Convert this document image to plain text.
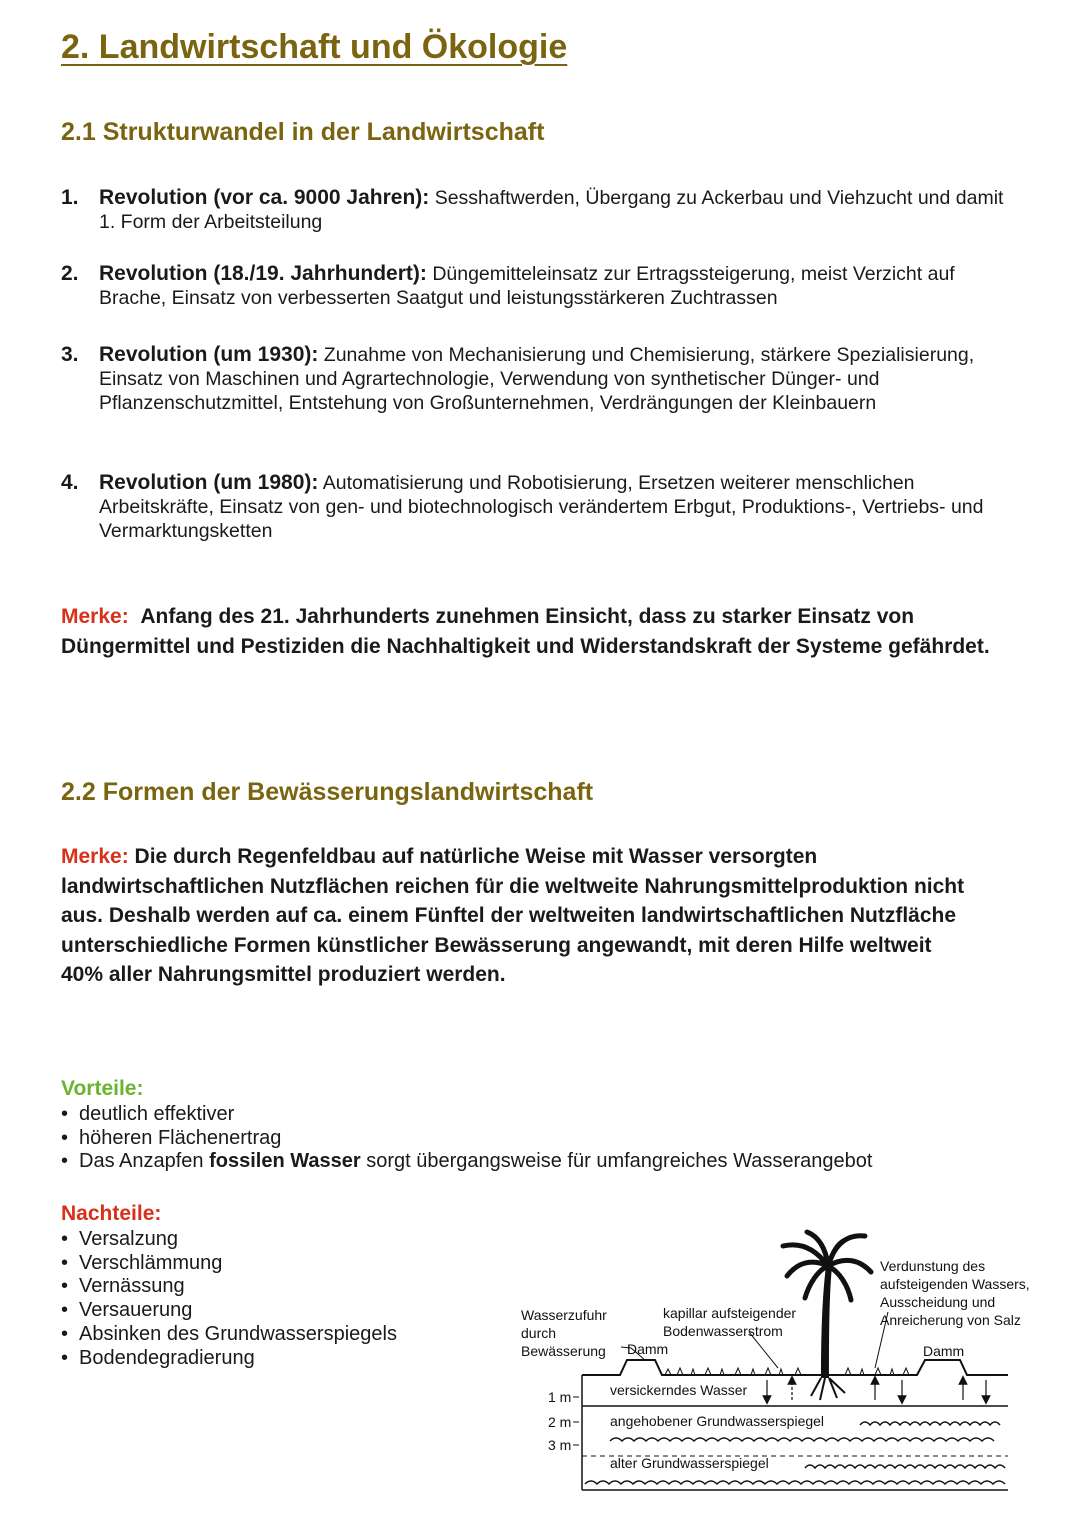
2. Landwirtschaft und Ökologie
2.1 Strukturwandel in der Landwirtschaft
1. Revolution (vor ca. 9000 Jahren): Sesshaftwerden, Übergang zu Ackerbau und Viehzucht und damit 1. Form der Arbeitsteilung
2. Revolution (18./19. Jahrhundert): Düngemitteleinsatz zur Ertragssteigerung, meist Verzicht auf Brache, Einsatz von verbesserten Saatgut und leistungsstärkeren Zuchtrassen
3. Revolution (um 1930): Zunahme von Mechanisierung und Chemisierung, stärkere Spezialisierung, Einsatz von Maschinen und Agrartechnologie, Verwendung von synthetischer Dünger- und Pflanzenschutzmittel, Entstehung von Großunternehmen, Verdrängungen der Kleinbauern
4. Revolution (um 1980): Automatisierung und Robotisierung, Ersetzen weiterer menschlichen Arbeitskräfte, Einsatz von gen- und biotechnologisch verändertem Erbgut, Produktions-, Vertriebs- und Vermarktungsketten
Merke: Anfang des 21. Jahrhunderts zunehmen Einsicht, dass zu starker Einsatz von Düngermittel und Pestiziden die Nachhaltigkeit und Widerstandskraft der Systeme gefährdet.
2.2 Formen der Bewässerungslandwirtschaft
Merke: Die durch Regenfeldbau auf natürliche Weise mit Wasser versorgten landwirtschaftlichen Nutzflächen reichen für die weltweite Nahrungsmittelproduktion nicht aus. Deshalb werden auf ca. einem Fünftel der weltweiten landwirtschaftlichen Nutzfläche unterschiedliche Formen künstlicher Bewässerung angewandt, mit deren Hilfe weltweit 40% aller Nahrungsmittel produziert werden.
Vorteile:
• deutlich effektiver
• höheren Flächenertrag
• Das Anzapfen fossilen Wasser sorgt übergangsweise für umfangreiches Wasserangebot
Nachteile:
• Versalzung
• Verschlämmung
• Vernässung
• Versauerung
• Absinken des Grundwasserspiegels
• Bodendegradierung
Wasserzufuhr durch Bewässerung
kapillar aufsteigender Bodenwasserstrom
Verdunstung des aufsteigenden Wassers, Ausscheidung und Anreicherung von Salz
Damm	Damm
1 m
2 m
3 m
versickerndes Wasser
angehobener Grundwasserspiegel
alter Grundwasserspiegel
